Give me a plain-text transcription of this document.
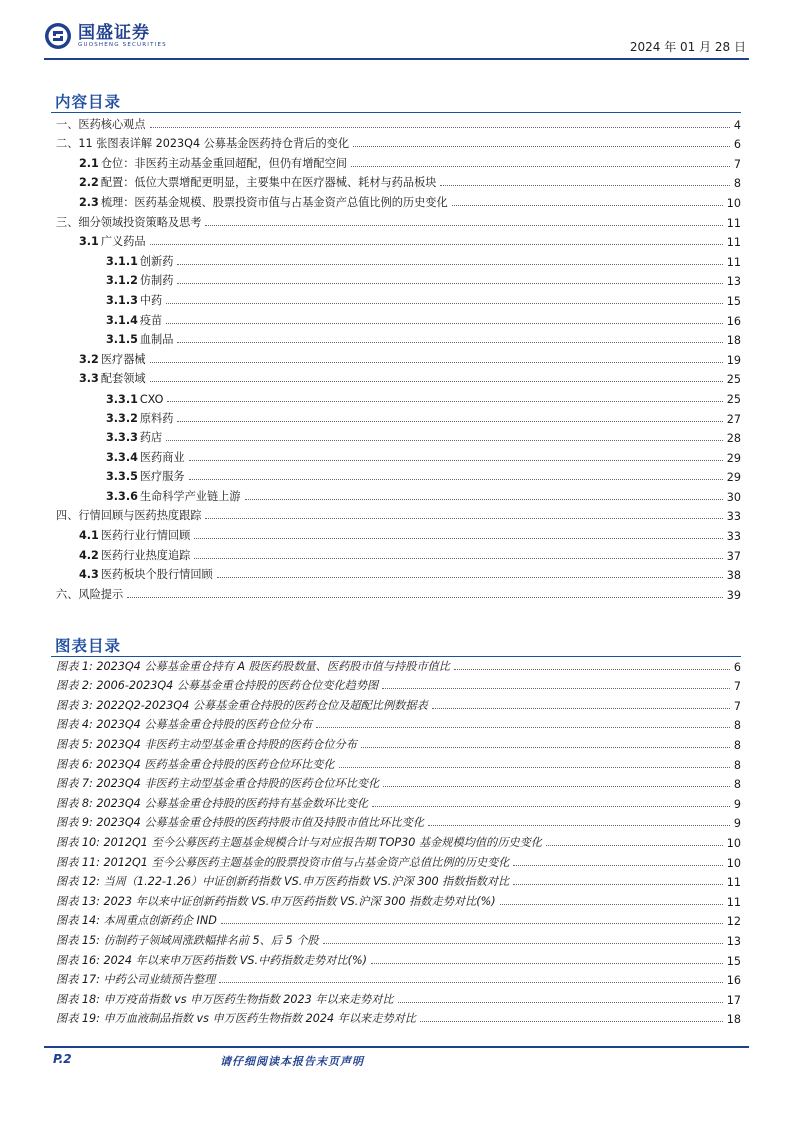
国盛证券
GUOSHENG SECURITIES	2024 年 01 月 28 日
内容目录
一、医药核心观点	4
二、11 张图表详解 2023Q4 公募基金医药持仓背后的变化	6
2.1 仓位：非医药主动基金重回超配，但仍有增配空间	7
2.2 配置：低位大票增配更明显，主要集中在医疗器械、耗材与药品板块	8
2.3 梳理：医药基金规模、股票投资市值与占基金资产总值比例的历史变化	10
三、细分领域投资策略及思考	11
3.1 广义药品	11
3.1.1 创新药	11
3.1.2 仿制药	13
3.1.3 中药	15
3.1.4 疫苗	16
3.1.5 血制品	18
3.2 医疗器械	19
3.3 配套领域	25
3.3.1 CXO	25
3.3.2 原料药	27
3.3.3 药店	28
3.3.4 医药商业	29
3.3.5 医疗服务	29
3.3.6 生命科学产业链上游	30
四、行情回顾与医药热度跟踪	33
4.1 医药行业行情回顾	33
4.2 医药行业热度追踪	37
4.3 医药板块个股行情回顾	38
六、风险提示	39
图表目录
图表 1: 2023Q4 公募基金重仓持有 A 股医药股数量、医药股市值与持股市值比	6
图表 2: 2006-2023Q4 公募基金重仓持股的医药仓位变化趋势图	7
图表 3: 2022Q2-2023Q4 公募基金重仓持股的医药仓位及超配比例数据表	7
图表 4: 2023Q4 公募基金重仓持股的医药仓位分布	8
图表 5: 2023Q4 非医药主动型基金重仓持股的医药仓位分布	8
图表 6: 2023Q4 医药基金重仓持股的医药仓位环比变化	8
图表 7: 2023Q4 非医药主动型基金重仓持股的医药仓位环比变化	8
图表 8: 2023Q4 公募基金重仓持股的医药持有基金数环比变化	9
图表 9: 2023Q4 公募基金重仓持股的医药持股市值及持股市值比环比变化	9
图表 10: 2012Q1 至今公募医药主题基金规模合计与对应报告期 TOP30 基金规模均值的历史变化	10
图表 11: 2012Q1 至今公募医药主题基金的股票投资市值与占基金资产总值比例的历史变化	10
图表 12: 当周（1.22-1.26）中证创新药指数 VS.申万医药指数 VS.沪深 300 指数指数对比	11
图表 13: 2023 年以来中证创新药指数 VS.申万医药指数 VS.沪深 300 指数走势对比(%)	11
图表 14: 本周重点创新药企 IND	12
图表 15: 仿制药子领域周涨跌幅排名前 5、后 5 个股	13
图表 16: 2024 年以来申万医药指数 VS.中药指数走势对比(%)	15
图表 17: 中药公司业绩预告整理	16
图表 18: 申万疫苗指数 vs 申万医药生物指数 2023 年以来走势对比	17
图表 19: 申万血液制品指数 vs 申万医药生物指数 2024 年以来走势对比	18
P.2	请仔细阅读本报告末页声明
